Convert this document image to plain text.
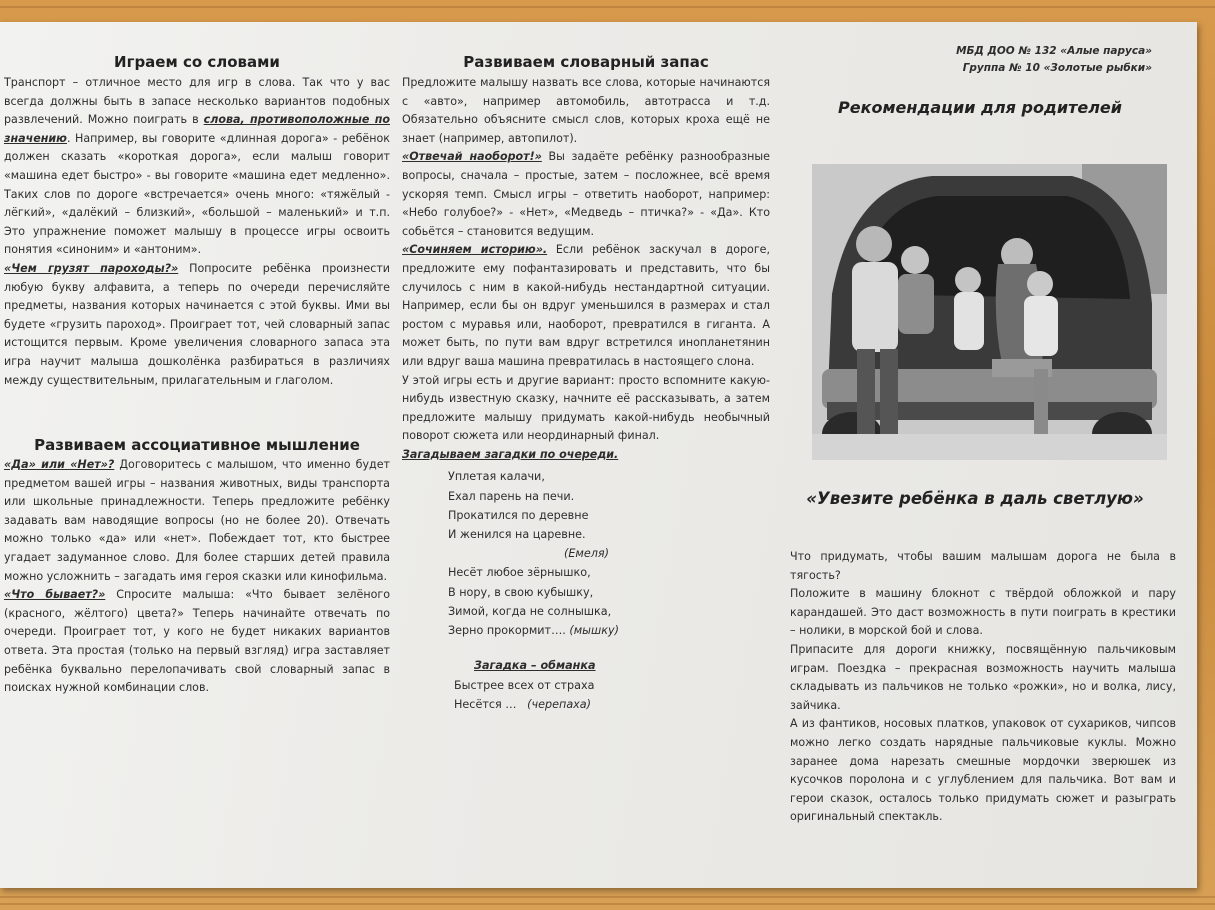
Играем со словами

Транспорт – отличное место для игр в слова. Так что у вас всегда должны быть в запасе несколько вариантов подобных развлечений. Можно поиграть в слова, противоположные по значению. Например, вы говорите «длинная дорога» - ребёнок должен сказать «короткая дорога», если малыш говорит «машина едет быстро» - вы говорите «машина едет медленно». Таких слов по дороге «встречается» очень много: «тяжёлый - лёгкий», «далёкий – близкий», «большой – маленький» и т.п. Это упражнение поможет малышу в процессе игры освоить понятия «синоним» и «антоним».

«Чем грузят пароходы?» Попросите ребёнка произнести любую букву алфавита, а теперь по очереди перечисляйте предметы, названия которых начинается с этой буквы. Ими вы будете «грузить пароход». Проиграет тот, чей словарный запас истощится первым. Кроме увеличения словарного запаса эта игра научит малыша дошколёнка разбираться в различиях между существительным, прилагательным и глаголом.

Развиваем ассоциативное мышление

«Да» или «Нет»? Договоритесь с малышом, что именно будет предметом вашей игры – названия животных, виды транспорта или школьные принадлежности. Теперь предложите ребёнку задавать вам наводящие вопросы (но не более 20). Отвечать можно только «да» или «нет». Побеждает тот, кто быстрее угадает задуманное слово. Для более старших детей правила можно усложнить – загадать имя героя сказки или кинофильма.

«Что бывает?» Спросите малыша: «Что бывает зелёного (красного, жёлтого) цвета?» Теперь начинайте отвечать по очереди. Проиграет тот, у кого не будет никаких вариантов ответа. Эта простая (только на первый взгляд) игра заставляет ребёнка буквально перелопачивать свой словарный запас в поисках нужной комбинации слов.

Развиваем словарный запас

Предложите малышу назвать все слова, которые начинаются с «авто», например автомобиль, автотрасса и т.д. Обязательно объясните смысл слов, которых кроха ещё не знает (например, автопилот).

«Отвечай наоборот!» Вы задаёте ребёнку разнообразные вопросы, сначала – простые, затем – посложнее, всё время ускоряя темп. Смысл игры – ответить наоборот, например: «Небо голубое?» - «Нет», «Медведь – птичка?» - «Да». Кто собьётся – становится ведущим.

«Сочиняем историю». Если ребёнок заскучал в дороге, предложите ему пофантазировать и представить, что бы случилось с ним в какой-нибудь нестандартной ситуации. Например, если бы он вдруг уменьшился в размерах и стал ростом с муравья или, наоборот, превратился в гиганта. А может быть, по пути вам вдруг встретился инопланетянин или вдруг ваша машина превратилась в настоящего слона.

У этой игры есть и другие вариант: просто вспомните какую-нибудь известную сказку, начните её рассказывать, а затем предложите малышу придумать какой-нибудь необычный поворот сюжета или неординарный финал.

Загадываем загадки по очереди.

Уплетая калачи,

Ехал парень на печи.

Прокатился по деревне

И женился на царевне.

(Емеля)

Несёт любое зёрнышко,

В нору, в свою кубышку,

Зимой, когда не солнышка,

Зерно прокормит…. (мышку)

Загадка – обманка

Быстрее всех от страха

Несётся … (черепаха)

МБД ДОО № 132 «Алые паруса»

Группа № 10 «Золотые рыбки»

Рекомендации для родителей
«Увезите ребёнка в даль светлую»

Что придумать, чтобы вашим малышам дорога не была в тягость?

Положите в машину блокнот с твёрдой обложкой и пару карандашей. Это даст возможность в пути поиграть в крестики – нолики, в морской бой и слова.

Припасите для дороги книжку, посвящённую пальчиковым играм. Поездка – прекрасная возможность научить малыша складывать из пальчиков не только «рожки», но и волка, лису, зайчика.

А из фантиков, носовых платков, упаковок от сухариков, чипсов можно легко создать нарядные пальчиковые куклы. Можно заранее дома нарезать смешные мордочки зверюшек из кусочков поролона и с углублением для пальчика. Вот вам и герои сказок, осталось только придумать сюжет и разыграть оригинальный спектакль.
